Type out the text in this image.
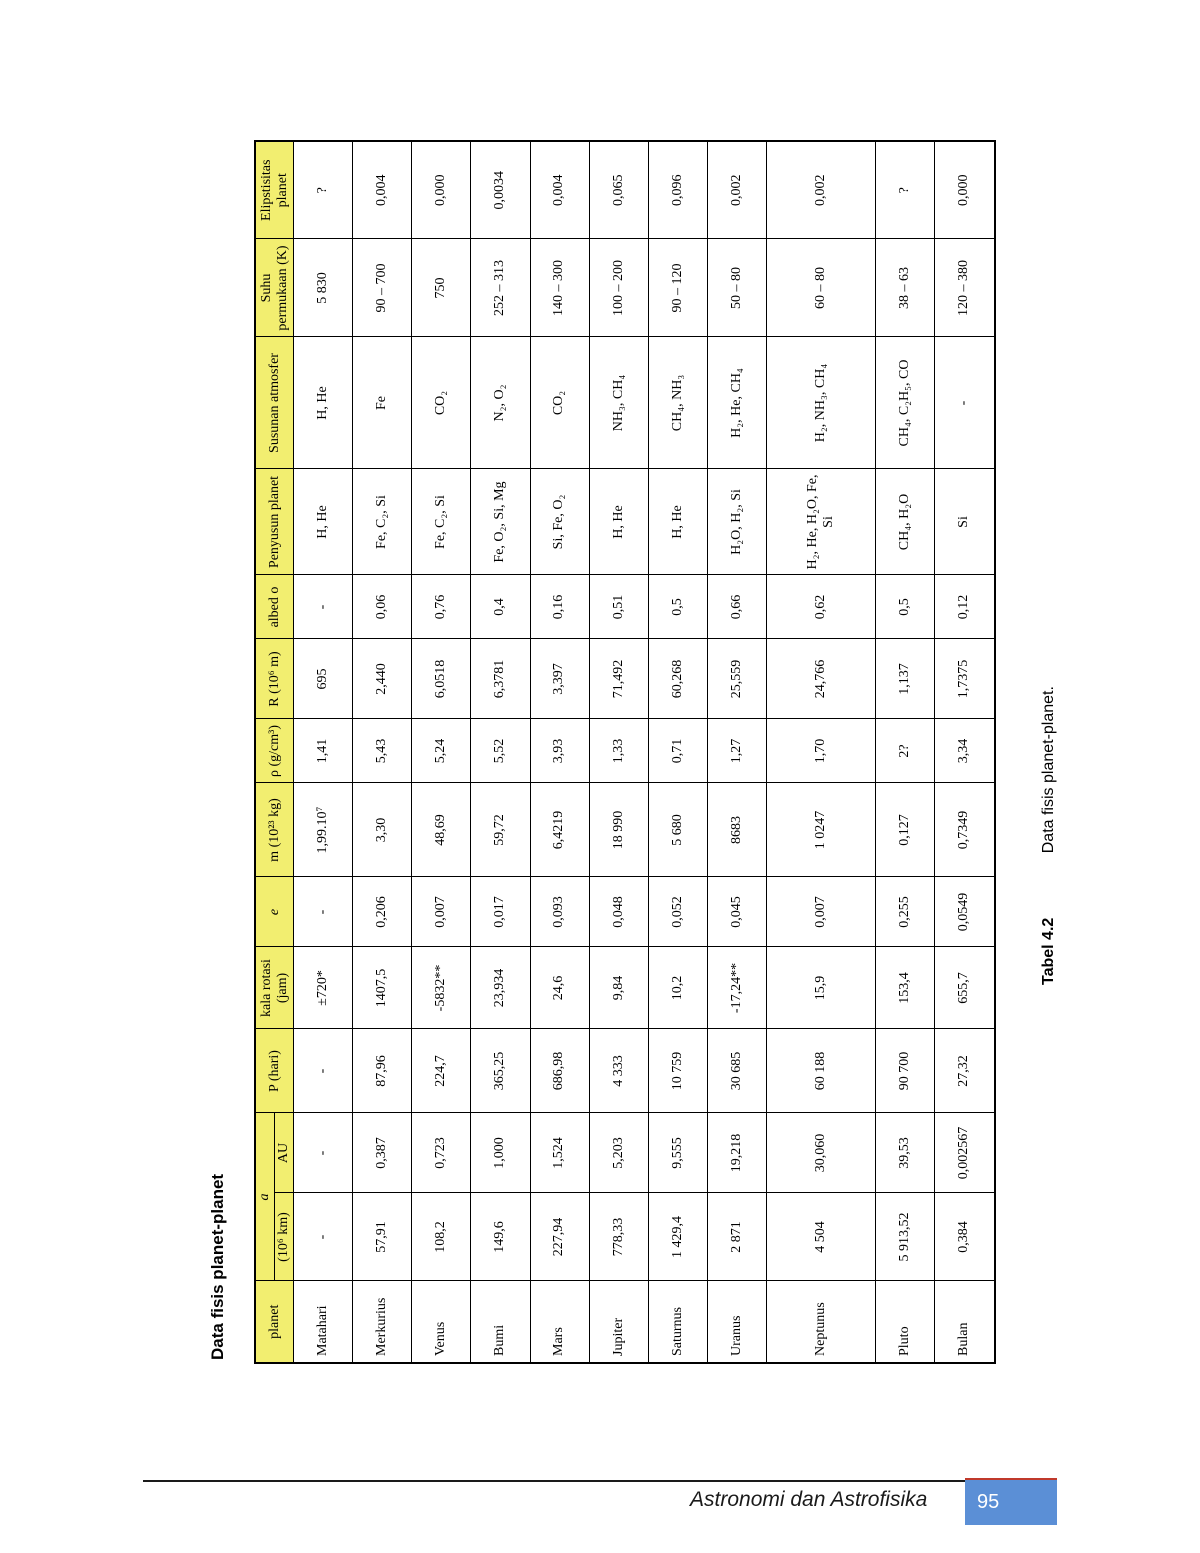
Data fisis planet-planet	planet	a		P (hari)	kala rotasi (jam)	e	m (10²³ kg)	ρ (g/cm³)	R (10⁶ m)	albed o	Penyusun planet	Susunan atmosfer	Suhu permukaan (K)	Elipstisitas planet
	(10⁶ km)	AU											
Matahari	-	-	-	±720*	-	1,99.10⁷	1,41	695	-	H, He	H, He	5 830	?
Merkurius	57,91	0,387	87,96	1407,5	0,206	3,30	5,43	2,440	0,06	Fe, C₂, Si	Fe	90 – 700	0,004
Venus	108,2	0,723	224,7	-5832**	0,007	48,69	5,24	6,0518	0,76	Fe, C₂, Si	CO₂	750	0,000
Bumi	149,6	1,000	365,25	23,934	0,017	59,72	5,52	6,3781	0,4	Fe, O₂, Si, Mg	N₂, O₂	252 – 313	0,0034
Mars	227,94	1,524	686,98	24,6	0,093	6,4219	3,93	3,397	0,16	Si, Fe, O₂	CO₂	140 – 300	0,004
Jupiter	778,33	5,203	4 333	9,84	0,048	18 990	1,33	71,492	0,51	H, He	NH₃, CH₄	100 – 200	0,065
Saturnus	1 429,4	9,555	10 759	10,2	0,052	5 680	0,71	60,268	0,5	H, He	CH₄, NH₃	90 – 120	0,096
Uranus	2 871	19,218	30 685	-17,24**	0,045	8683	1,27	25,559	0,66	H₂O, H₂, Si	H₂, He, CH₄	50 – 80	0,002
Neptunus	4 504	30,060	60 188	15,9	0,007	1 0247	1,70	24,766	0,62	H₂, He, H₂O, Fe, Si	H₂, NH₃, CH₄	60 – 80	0,002
Pluto	5 913,52	39,53	90 700	153,4	0,255	0,127	2?	1,137	0,5	CH₄, H₂O	CH₄, C₂H₅, CO	38 – 63	?
Bulan	0,384	0,002567	27,32	655,7	0,0549	0,7349	3,34	1,7375	0,12	Si	-	120 – 380	0,000
Tabel 4.2 Data fisis planet-planet.
Astronomi dan Astrofisika	95
